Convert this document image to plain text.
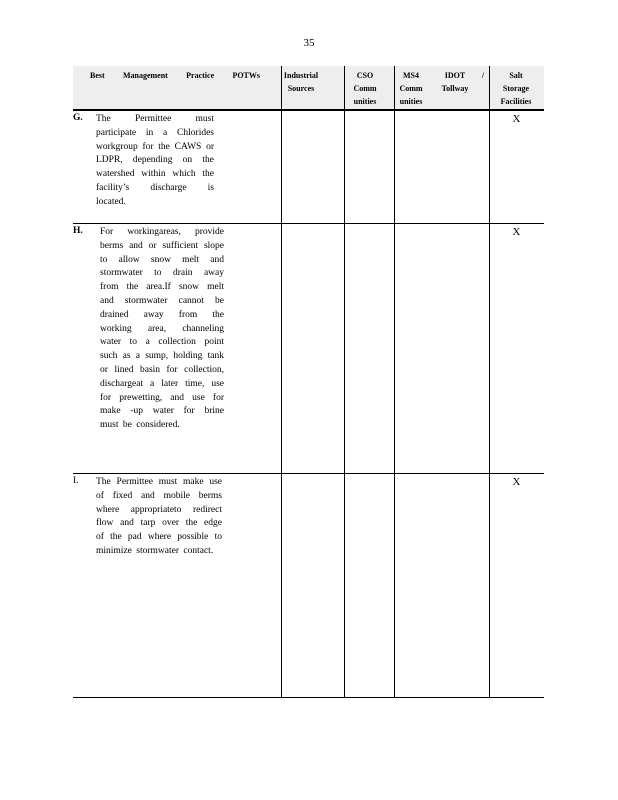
35
Best Management Practice POTWs	Industrial
Sources
CSO
Comm
unities
MS4
Comm
unities
IDOT
Tollway
/	Salt
Storage
Facilities
G. The Permittee must participate in a Chlorides workgroup for the CAWS or LDPR, depending on the watershed within which the facility’s discharge is located.
X
H. For workingareas, provide berms and or sufficient slope to allow snow melt and stormwater to drain away from the area.If snow melt and stormwater cannot be drained away from the working area, channeling water to a collection point such as a sump, holding tank or lined basin for collection, dischargeat a later time, use for prewetting, and use for make -up water for brine must be considered.
X
I. The Permittee must make use of fixed and mobile berms where appropriateto redirect flow and tarp over the edge of the pad where possible to minimize stormwater contact.
X
